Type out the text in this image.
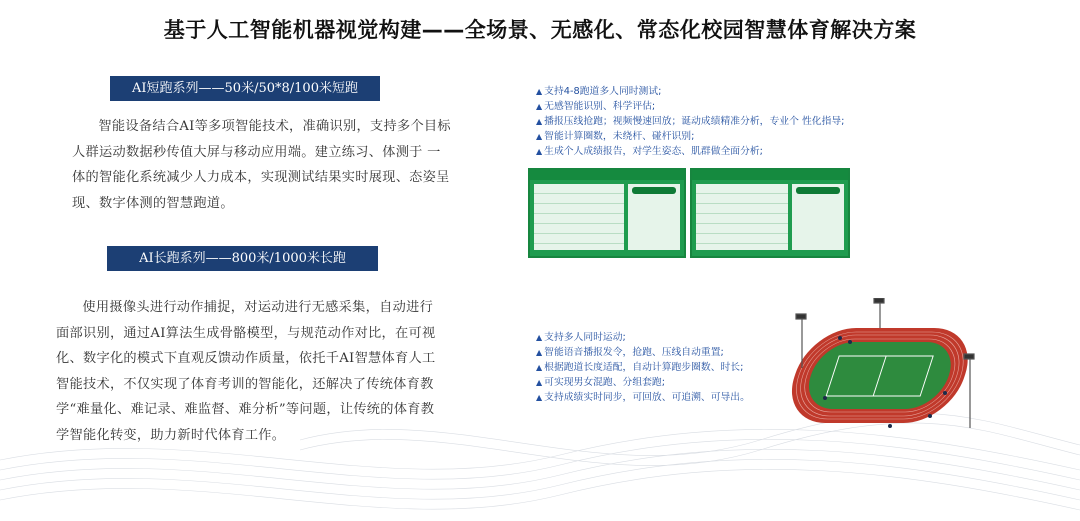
基于人工智能机器视觉构建——全场景、无感化、常态化校园智慧体育解决方案
AI短跑系列——50米/50*8/100米短跑
智能设备结合AI等多项智能技术，准确识别，支持多个目标人群运动数据秒传值大屏与移动应用端。建立练习、体测于 一 体的智能化系统减少人力成本，实现测试结果实时展现、态姿呈现、数字体测的智慧跑道。
▲ 支持4-8跑道多人同时测试;
▲ 无感智能识别、科学评估;
▲ 播报压线抢跑；视频慢速回放；诞动成绩精准分析，专业个 性化指导;
▲ 智能计算圈数，未绕杆、碰杆识别;
▲ 生成个人成绩报告，对学生姿态、肌群做全面分析;
AI长跑系列——800米/1000米长跑
使用摄像头进行动作捕捉，对运动进行无感采集，自动进行面部识别，通过AI算法生成骨骼模型，与规范动作对比，在可视化、数字化的模式下直观反馈动作质量，依托千AI智慧体育人工智能技术，不仅实现了体育考训的智能化，还解决了传统体育教学“难量化、难记录、难监督、难分析”等问题，让传统的体育教学智能化转变，助力新时代体育工作。
▲ 支持多人同时运动;
▲ 智能语音播报发令，抢跑、压线自动重置;
▲ 根据跑道长度适配，自动计算跑步圈数、时长;
▲ 可实现男女混跑、分组套跑;
▲ 支持成绩实时同步，可回放、可追溯、可导出。
